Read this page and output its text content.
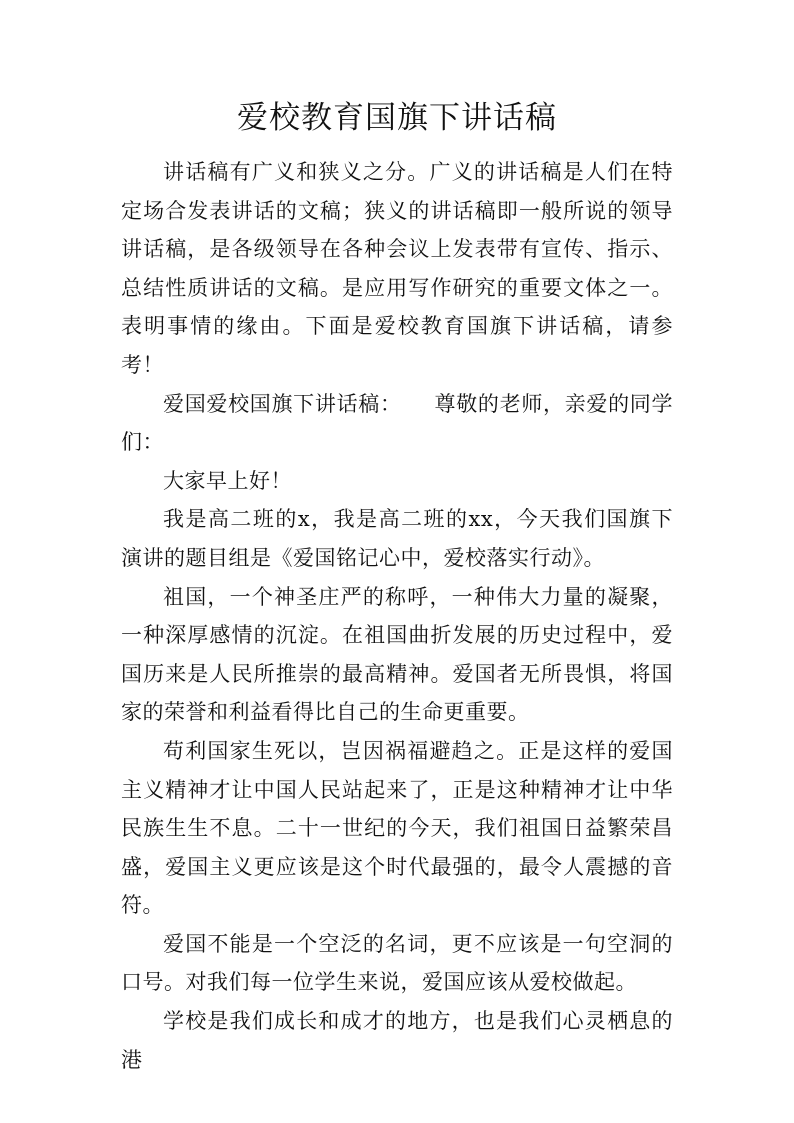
爱校教育国旗下讲话稿

讲话稿有广义和狭义之分。广义的讲话稿是人们在特定场合发表讲话的文稿；狭义的讲话稿即一般所说的领导讲话稿，是各级领导在各种会议上发表带有宣传、指示、总结性质讲话的文稿。是应用写作研究的重要文体之一。表明事情的缘由。下面是爱校教育国旗下讲话稿，请参考！

爱国爱校国旗下讲话稿：　　尊敬的老师，亲爱的同学们：

大家早上好！

我是高二班的x，我是高二班的xx，今天我们国旗下演讲的题目组是《爱国铭记心中，爱校落实行动》。

祖国，一个神圣庄严的称呼，一种伟大力量的凝聚，一种深厚感情的沉淀。在祖国曲折发展的历史过程中，爱国历来是人民所推崇的最高精神。爱国者无所畏惧，将国家的荣誉和利益看得比自己的生命更重要。

苟利国家生死以，岂因祸福避趋之。正是这样的爱国主义精神才让中国人民站起来了，正是这种精神才让中华民族生生不息。二十一世纪的今天，我们祖国日益繁荣昌盛，爱国主义更应该是这个时代最强的，最令人震撼的音符。

爱国不能是一个空泛的名词，更不应该是一句空洞的口号。对我们每一位学生来说，爱国应该从爱校做起。

学校是我们成长和成才的地方，也是我们心灵栖息的港
